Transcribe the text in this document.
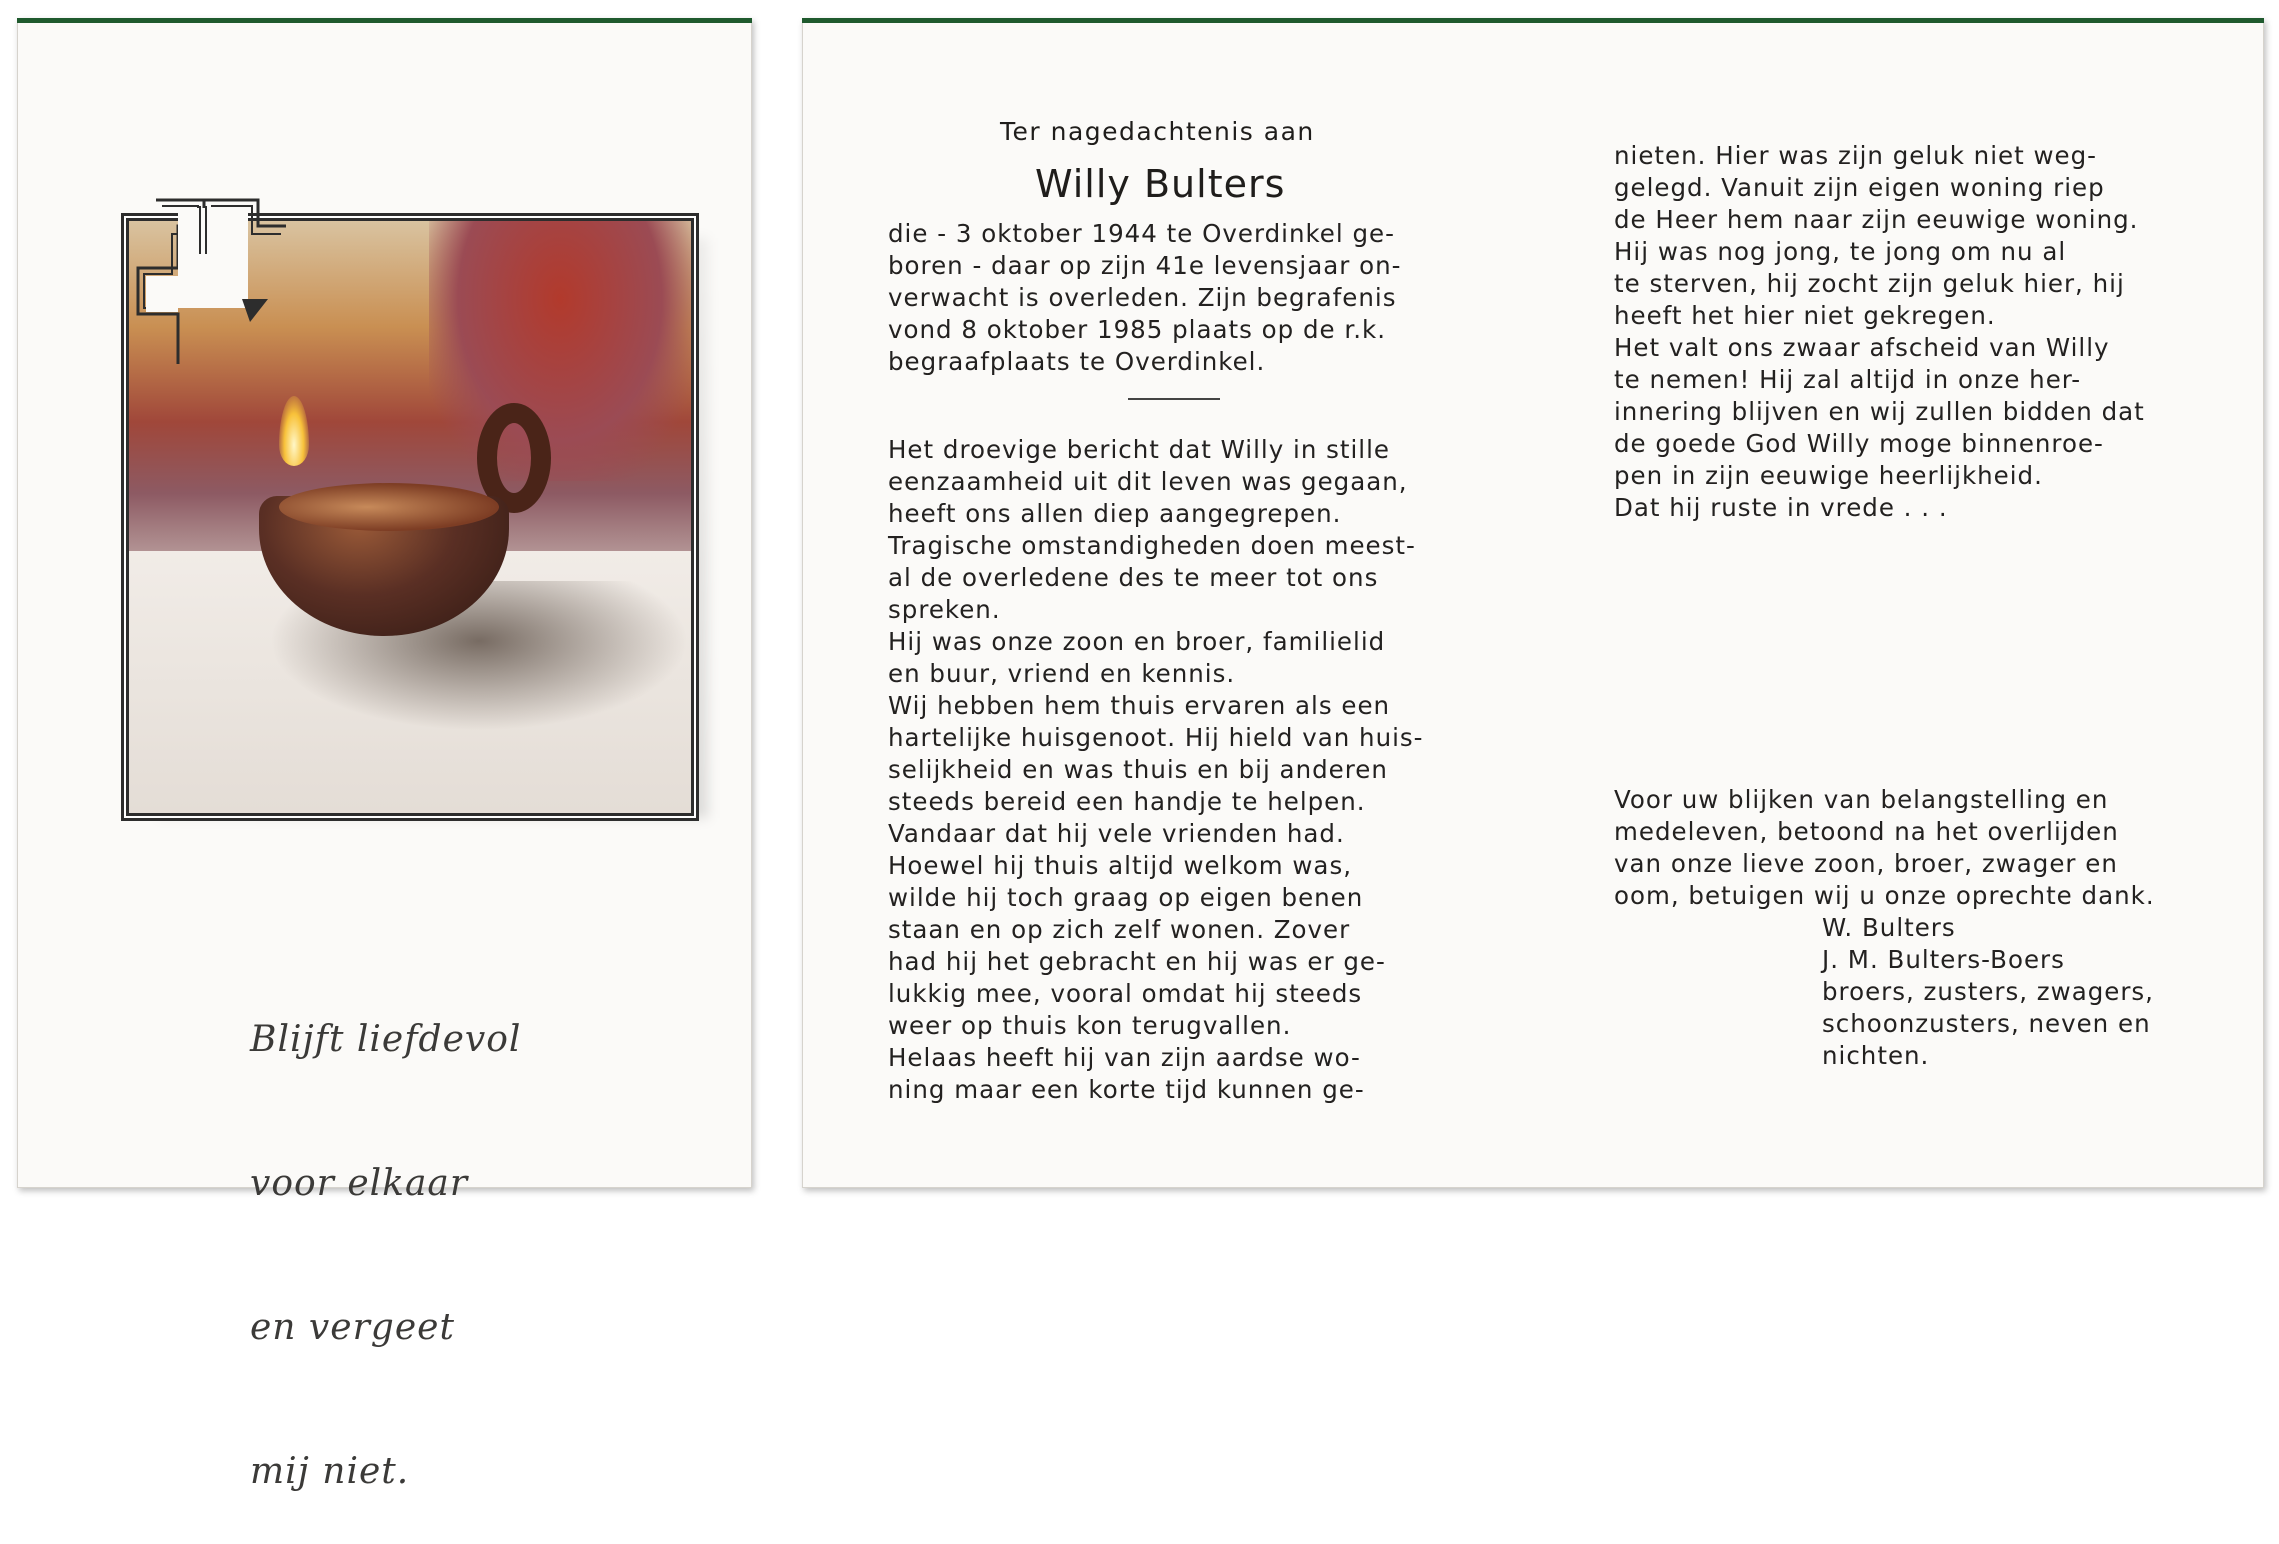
Blijft liefdevol

voor elkaar

en vergeet

mij niet.

Ter nagedachtenis aan
Willy Bulters
die - 3 oktober 1944 te Overdinkel ge-
boren - daar op zijn 41e levensjaar on-
verwacht is overleden. Zijn begrafenis
vond 8 oktober 1985 plaats op de r.k.
begraafplaats te Overdinkel.
Het droevige bericht dat Willy in stille
eenzaamheid uit dit leven was gegaan,
heeft ons allen diep aangegrepen.
Tragische omstandigheden doen meest-
al de overledene des te meer tot ons
spreken.
Hij was onze zoon en broer, familielid
en buur, vriend en kennis.
Wij hebben hem thuis ervaren als een
hartelijke huisgenoot. Hij hield van huis-
selijkheid en was thuis en bij anderen
steeds bereid een handje te helpen.
Vandaar dat hij vele vrienden had.
Hoewel hij thuis altijd welkom was,
wilde hij toch graag op eigen benen
staan en op zich zelf wonen. Zover
had hij het gebracht en hij was er ge-
lukkig mee, vooral omdat hij steeds
weer op thuis kon terugvallen.
Helaas heeft hij van zijn aardse wo-
ning maar een korte tijd kunnen ge-
nieten. Hier was zijn geluk niet weg-
gelegd. Vanuit zijn eigen woning riep
de Heer hem naar zijn eeuwige woning.
Hij was nog jong, te jong om nu al
te sterven, hij zocht zijn geluk hier, hij
heeft het hier niet gekregen.
Het valt ons zwaar afscheid van Willy
te nemen! Hij zal altijd in onze her-
innering blijven en wij zullen bidden dat
de goede God Willy moge binnenroe-
pen in zijn eeuwige heerlijkheid.
Dat hij ruste in vrede . . .
Voor uw blijken van belangstelling en
medeleven, betoond na het overlijden
van onze lieve zoon, broer, zwager en
oom, betuigen wij u onze oprechte dank.
W. Bulters
J. M. Bulters-Boers
broers, zusters, zwagers,
schoonzusters, neven en
nichten.
